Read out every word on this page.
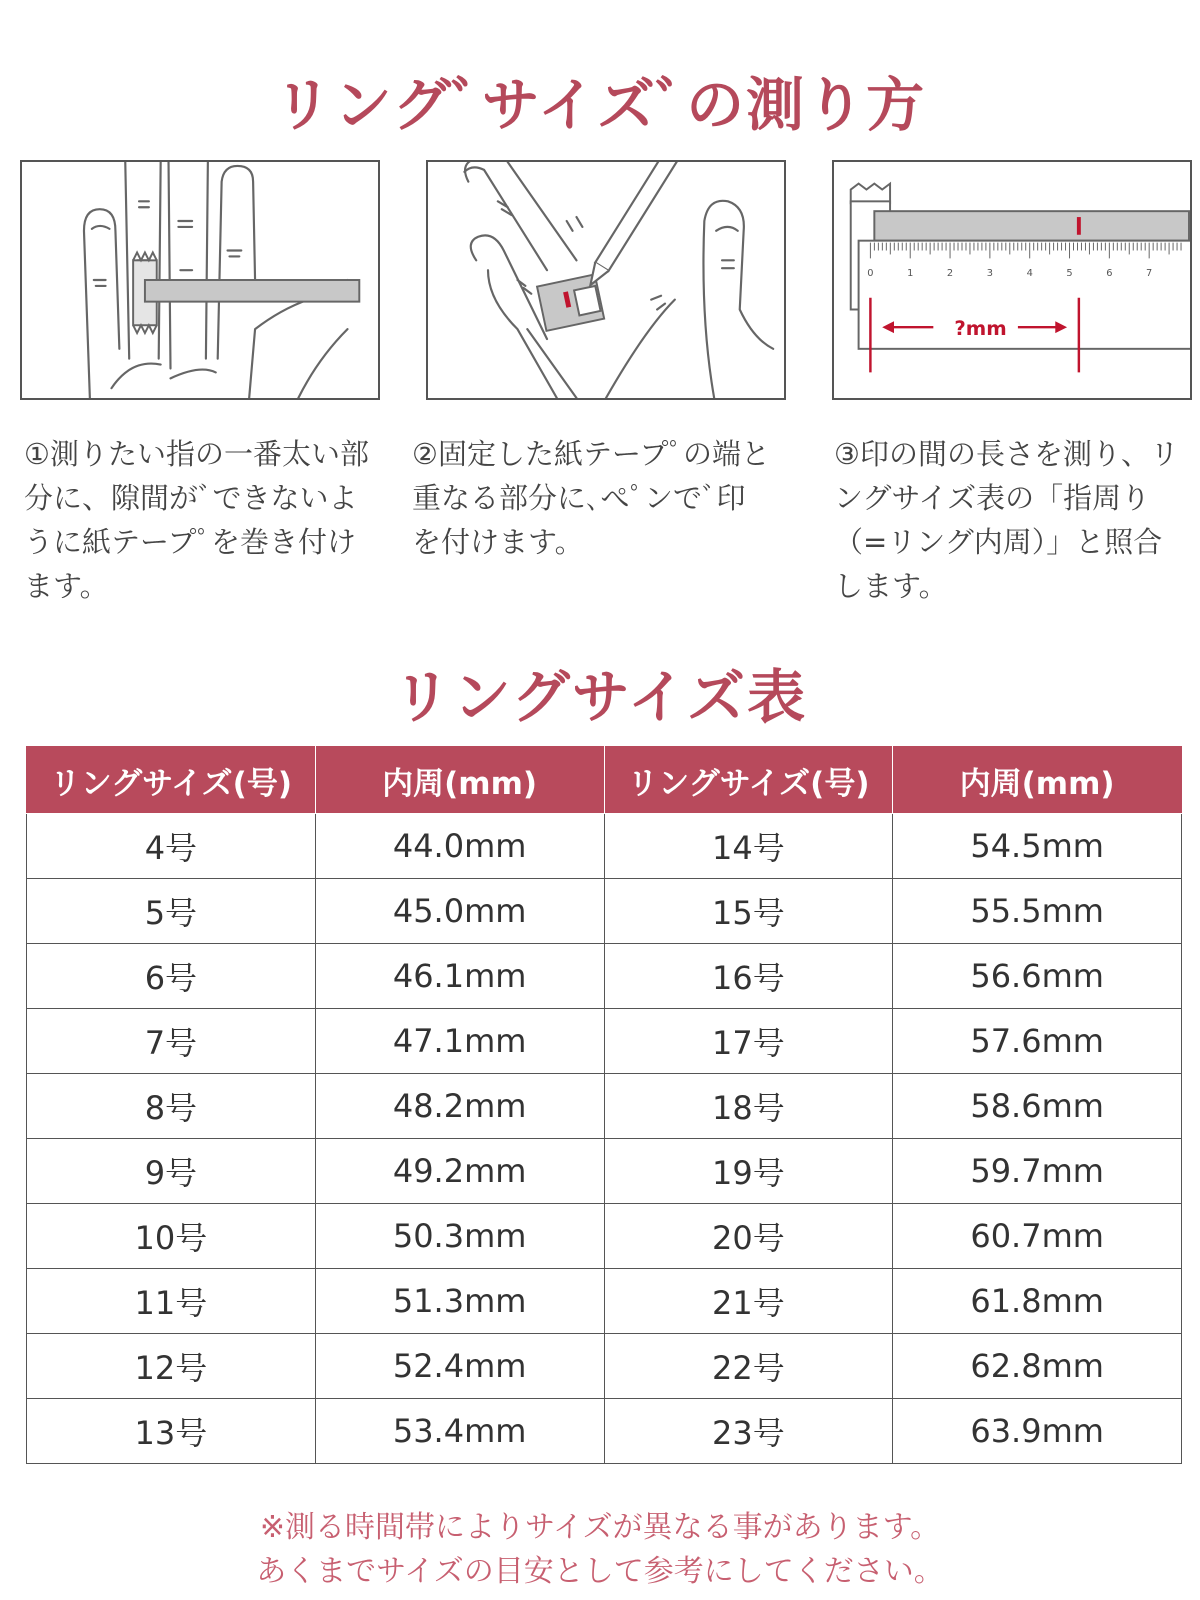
リングﾞサイズﾞの測り方
0	1	2	3	4	5	6	7
?mm

①測りたい指の一番太い部分に、隙間がﾞできないように紙テープﾟを巻き付けます。

②固定した紙テープﾟの端と重なる部分に､ぺﾟンでﾞ印を付けます。

③印の間の長さを測り、リングサイズ表の「指周り（=リング内周）」と照合します。

リングサイズ表
リングサイズ(号)	内周(mm)	リングサイズ(号)	内周(mm)
4号	44.0mm	14号	54.5mm
5号	45.0mm	15号	55.5mm
6号	46.1mm	16号	56.6mm
7号	47.1mm	17号	57.6mm
8号	48.2mm	18号	58.6mm
9号	49.2mm	19号	59.7mm
10号	50.3mm	20号	60.7mm
11号	51.3mm	21号	61.8mm
12号	52.4mm	22号	62.8mm
13号	53.4mm	23号	63.9mm

※測る時間帯によりサイズが異なる事があります。

あくまでサイズの目安として参考にしてください。
